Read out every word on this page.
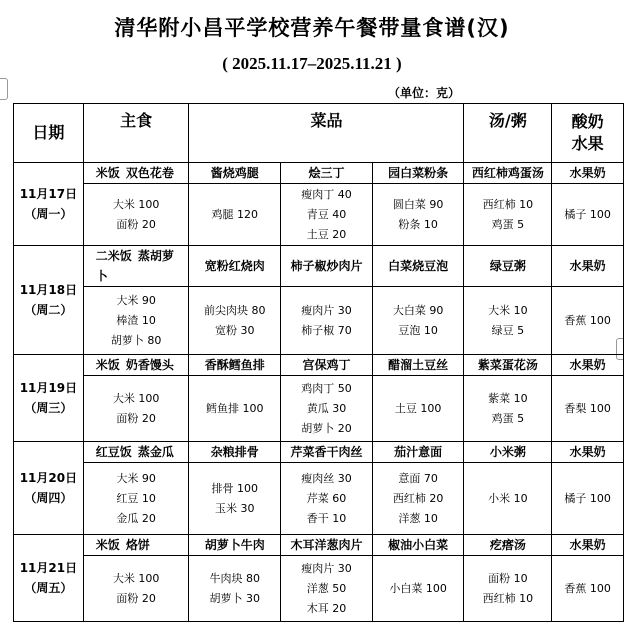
清华附小昌平学校营养午餐带量食谱(汉)
( 2025.11.17–2025.11.21 )
（单位：克）
日期	主食	菜品			汤/粥	酸奶
水果

11月17日
（周一）	米饭 双色花卷	酱烧鸡腿	烩三丁	园白菜粉条	西红柿鸡蛋汤	水果奶

	大米 100
面粉 20	鸡腿 120	瘦肉丁 40
青豆 40
土豆 20	圆白菜 90
粉条 10	西红柿 10
鸡蛋 5	橘子 100

11月18日
（周二）	二米饭 蒸胡萝卜	宽粉红烧肉	柿子椒炒肉片	白菜烧豆泡	绿豆粥	水果奶

	大米 90
棒渣 10
胡萝卜 80	前尖肉块 80
宽粉 30	瘦肉片 30
柿子椒 70	大白菜 90
豆泡 10	大米 10
绿豆 5	香蕉 100

11月19日
（周三）	米饭 奶香馒头	香酥鳕鱼排	宫保鸡丁	醋溜土豆丝	紫菜蛋花汤	水果奶

	大米 100
面粉 20	鳕鱼排 100	鸡肉丁 50
黄瓜 30
胡萝卜 20	土豆 100	紫菜 10
鸡蛋 5	香梨 100

11月20日
（周四）	红豆饭 蒸金瓜	杂粮排骨	芹菜香干肉丝	茄汁意面	小米粥	水果奶

	大米 90
红豆 10
金瓜 20	排骨 100
玉米 30	瘦肉丝 30
芹菜 60
香干 10	意面 70
西红柿 20
洋葱 10	小米 10	橘子 100

11月21日
（周五）	米饭 烙饼	胡萝卜牛肉	木耳洋葱肉片	椒油小白菜	疙瘩汤	水果奶

	大米 100
面粉 20	牛肉块 80
胡萝卜 30	瘦肉片 30
洋葱 50
木耳 20	小白菜 100	面粉 10
西红柿 10	香蕉 100
